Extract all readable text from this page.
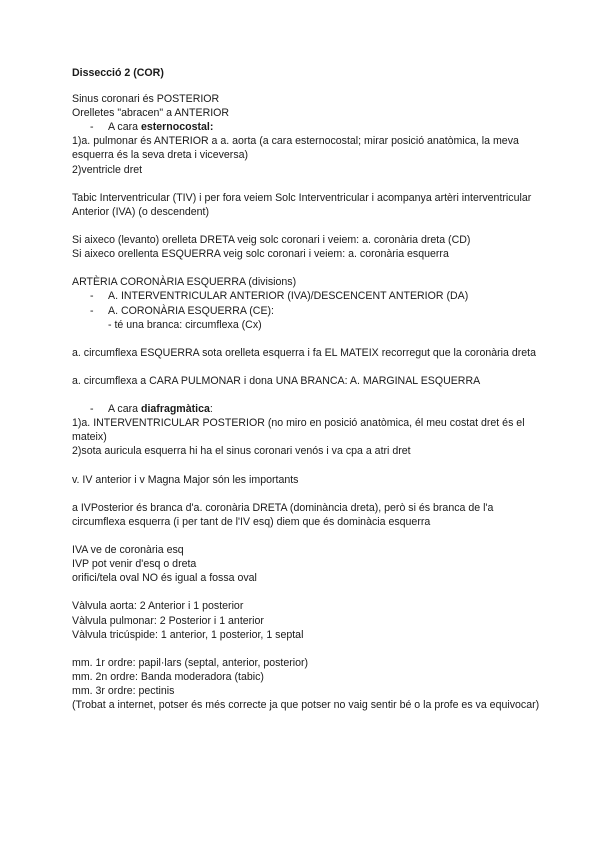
Dissecció 2 (COR)

Sinus coronari és POSTERIOR

Orelletes "abracen" a ANTERIOR

- A cara esternocostal:

1)a. pulmonar és ANTERIOR a a. aorta (a cara esternocostal; mirar posició anatòmica, la meva esquerra és la seva dreta i viceversa)

2)ventricle dret

Tabic Interventricular (TIV) i per fora veiem Solc Interventricular i acompanya artèri interventricular Anterior (IVA) (o descendent)

Si aixeco (levanto) orelleta DRETA veig solc coronari i veiem: a. coronària dreta (CD)

Si aixeco orellenta ESQUERRA veig solc coronari i veiem: a. coronària esquerra

ARTÈRIA CORONÀRIA ESQUERRA (divisions)

- A. INTERVENTRICULAR ANTERIOR (IVA)/DESCENCENT ANTERIOR (DA)

- A. CORONÀRIA ESQUERRA (CE):

- té una branca: circumflexa (Cx)

a. circumflexa ESQUERRA sota orelleta esquerra i fa EL MATEIX recorregut que la coronària dreta

a. circumflexa a CARA PULMONAR i dona UNA BRANCA: A. MARGINAL ESQUERRA

- A cara diafragmàtica:

1)a. INTERVENTRICULAR POSTERIOR (no miro en posició anatòmica, él meu costat dret és el mateix)

2)sota auricula esquerra hi ha el sinus coronari venós i va cpa a atri dret

v. IV anterior i v Magna Major són les importants

a IVPosterior és branca d'a. coronària DRETA (dominància dreta), però si és branca de l'a circumflexa esquerra (i per tant de l'IV esq) diem que és dominàcia esquerra

IVA ve de coronària esq

IVP pot venir d'esq o dreta

orifici/tela oval NO és igual a fossa oval

Vàlvula aorta: 2 Anterior i 1 posterior

Vàlvula pulmonar: 2 Posterior i 1 anterior

Vàlvula tricúspide: 1 anterior, 1 posterior, 1 septal

mm. 1r ordre: papil·lars (septal, anterior, posterior)

mm. 2n ordre: Banda moderadora (tabic)

mm. 3r ordre: pectinis

(Trobat a internet, potser és més correcte ja que potser no vaig sentir bé o la profe es va equivocar)
